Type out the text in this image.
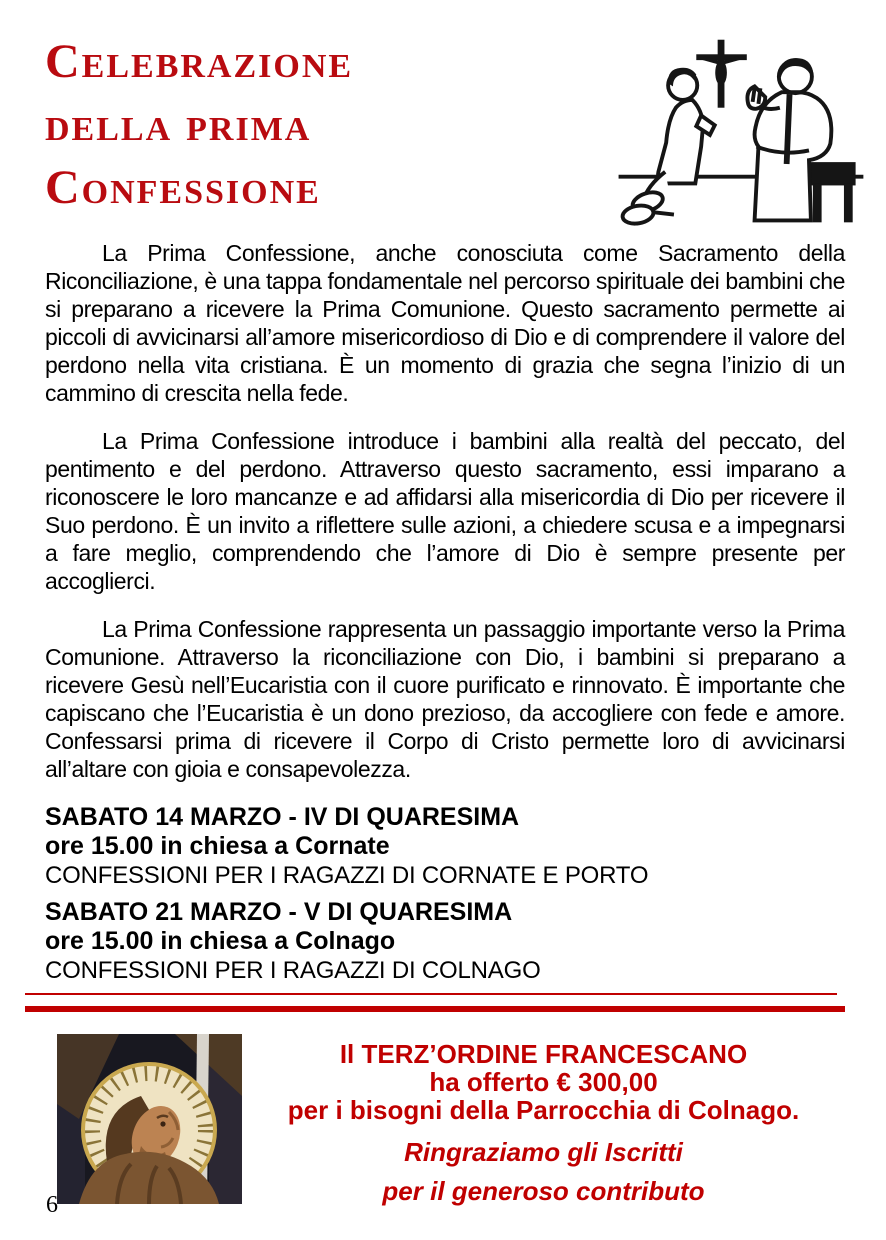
Celebrazione
della prima
Confessione

La Prima Confessione, anche conosciuta come Sacramento della Riconciliazione, è una tappa fondamentale nel percorso spirituale dei bambini che si preparano a ricevere la Prima Comunione. Questo sacramento permette ai piccoli di avvicinarsi all’amore misericordioso di Dio e di comprendere il valore del perdono nella vita cristiana. È un momento di grazia che segna l’inizio di un cammino di crescita nella fede.

La Prima Confessione introduce i bambini alla realtà del peccato, del pentimento e del perdono. Attraverso questo sacramento, essi imparano a riconoscere le loro mancanze e ad affidarsi alla misericordia di Dio per ricevere il Suo perdono. È un invito a riflettere sulle azioni, a chiedere scusa e a impegnarsi a fare meglio, comprendendo che l’amore di Dio è sempre presente per accoglierci.

La Prima Confessione rappresenta un passaggio importante verso la Prima Comunione. Attraverso la riconciliazione con Dio, i bambini si preparano a ricevere Gesù nell’Eucaristia con il cuore purificato e rinnovato. È importante che capiscano che l’Eucaristia è un dono prezioso, da accogliere con fede e amore. Confessarsi prima di ricevere il Corpo di Cristo permette loro di avvicinarsi all’altare con gioia e consapevolezza.

SABATO 14 MARZO - IV DI QUARESIMA
ore 15.00 in chiesa a Cornate
CONFESSIONI PER I RAGAZZI DI CORNATE E PORTO
SABATO 21 MARZO - V DI QUARESIMA
ore 15.00 in chiesa a Colnago
CONFESSIONI PER I RAGAZZI DI COLNAGO
Il TERZ’ORDINE FRANCESCANO
ha offerto € 300,00
per i bisogni della Parrocchia di Colnago.
Ringraziamo gli Iscritti
per il generoso contributo
6
